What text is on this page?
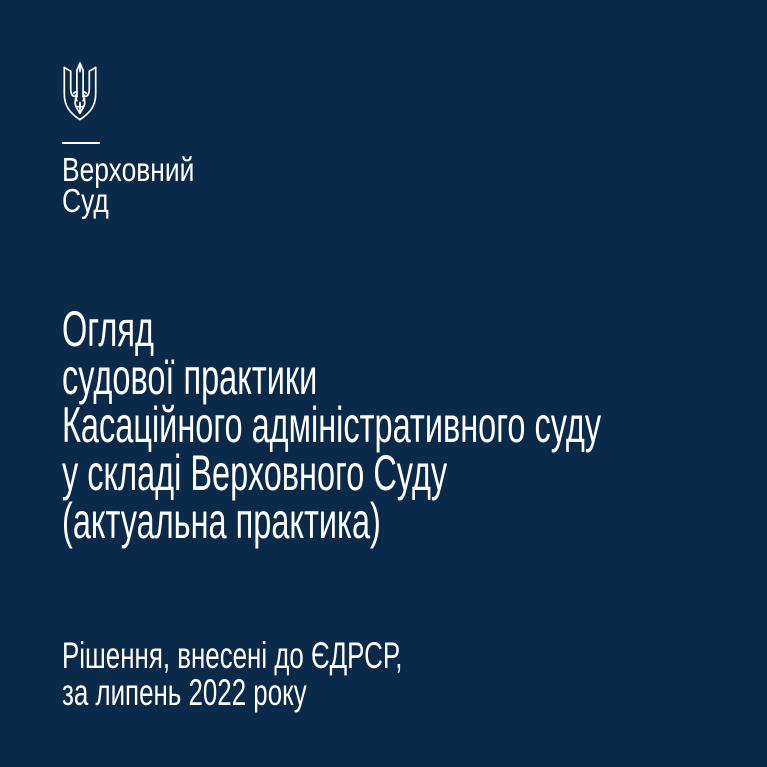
Верховний
Суд
Огляд
судової практики
Касаційного адміністративного суду
у складі Верховного Суду
(актуальна практика)
Рішення, внесені до ЄДРСР,
за липень 2022 року
